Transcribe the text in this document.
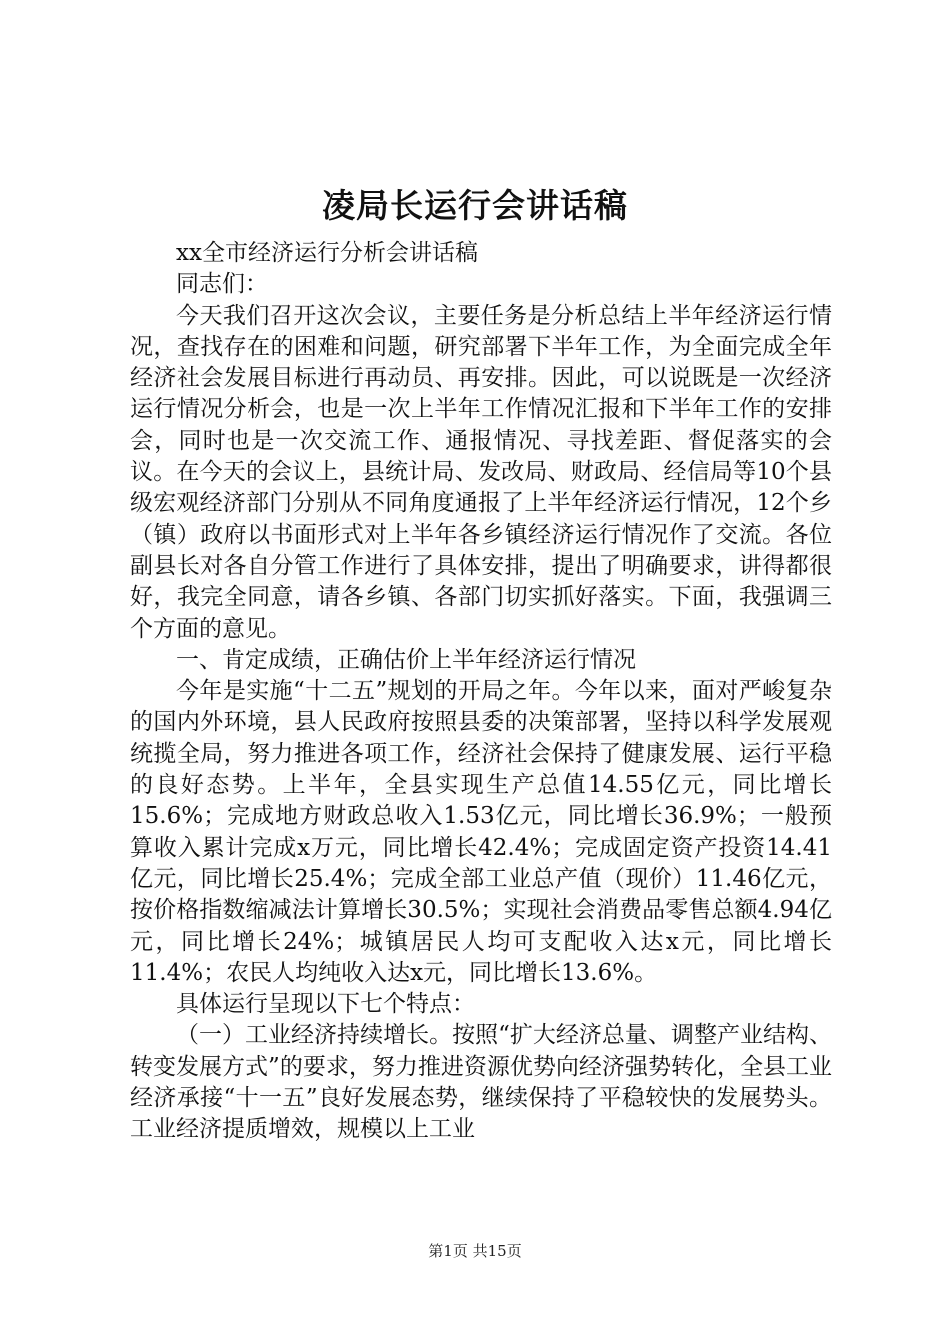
凌局长运行会讲话稿

xx全市经济运行分析会讲话稿

同志们：

今天我们召开这次会议，主要任务是分析总结上半年经济运行情况，查找存在的困难和问题，研究部署下半年工作，为全面完成全年经济社会发展目标进行再动员、再安排。因此，可以说既是一次经济运行情况分析会，也是一次上半年工作情况汇报和下半年工作的安排会，同时也是一次交流工作、通报情况、寻找差距、督促落实的会议。在今天的会议上，县统计局、发改局、财政局、经信局等10个县级宏观经济部门分别从不同角度通报了上半年经济运行情况，12个乡（镇）政府以书面形式对上半年各乡镇经济运行情况作了交流。各位副县长对各自分管工作进行了具体安排，提出了明确要求，讲得都很好，我完全同意，请各乡镇、各部门切实抓好落实。下面，我强调三个方面的意见。

一、肯定成绩，正确估价上半年经济运行情况

今年是实施“十二五”规划的开局之年。今年以来，面对严峻复杂的国内外环境，县人民政府按照县委的决策部署，坚持以科学发展观统揽全局，努力推进各项工作，经济社会保持了健康发展、运行平稳的良好态势。上半年，全县实现生产总值14.55亿元，同比增长15.6%；完成地方财政总收入1.53亿元，同比增长36.9%；一般预算收入累计完成x万元，同比增长42.4%；完成固定资产投资14.41亿元，同比增长25.4%；完成全部工业总产值（现价）11.46亿元，按价格指数缩减法计算增长30.5%；实现社会消费品零售总额4.94亿元，同比增长24%；城镇居民人均可支配收入达x元，同比增长11.4%；农民人均纯收入达x元，同比增长13.6%。

具体运行呈现以下七个特点：

（一）工业经济持续增长。按照“扩大经济总量、调整产业结构、转变发展方式”的要求，努力推进资源优势向经济强势转化，全县工业经济承接“十一五”良好发展态势，继续保持了平稳较快的发展势头。工业经济提质增效，规模以上工业

第1页 共15页
